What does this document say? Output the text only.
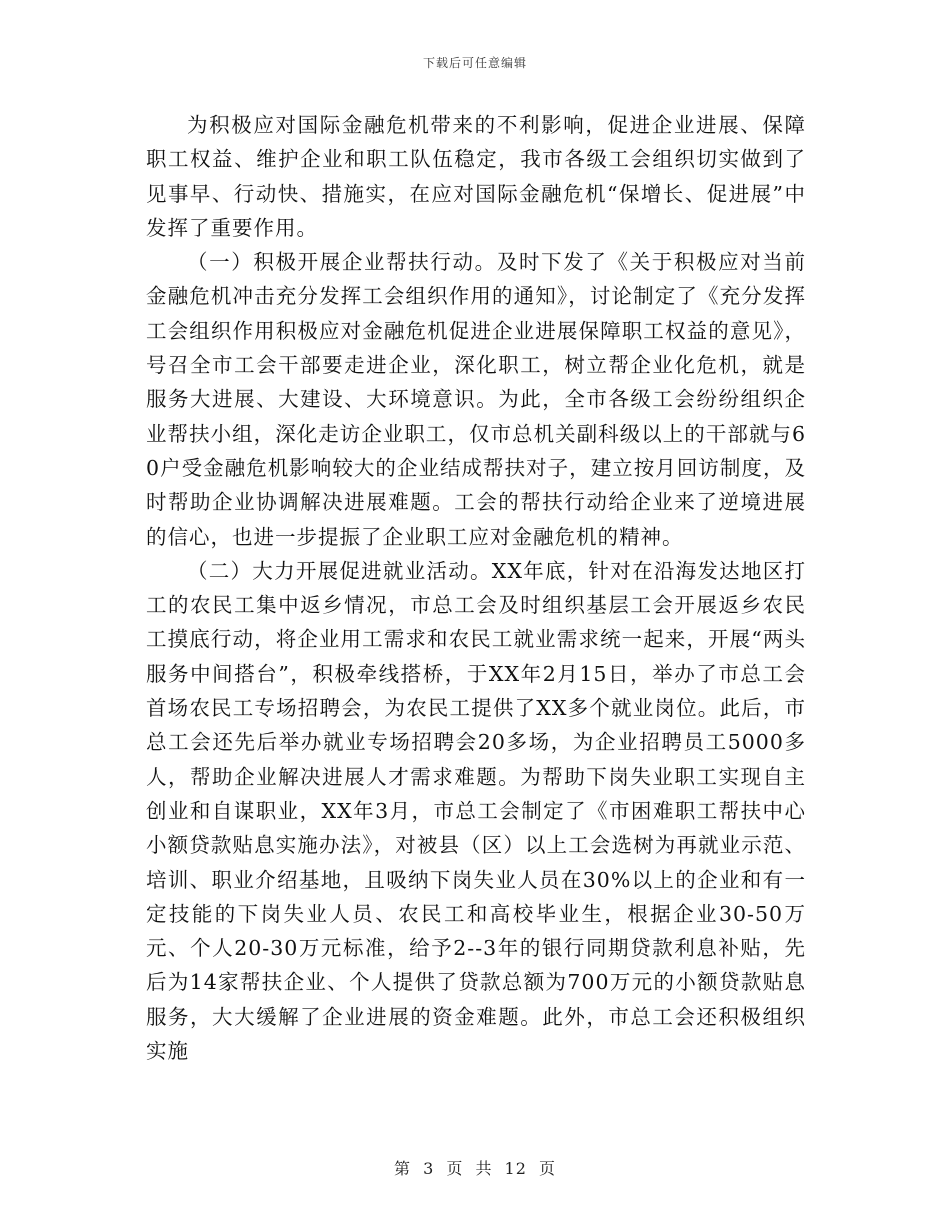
下载后可任意编辑

为积极应对国际金融危机带来的不利影响，促进企业进展、保障职工权益、维护企业和职工队伍稳定，我市各级工会组织切实做到了见事早、行动快、措施实，在应对国际金融危机“保增长、促进展”中发挥了重要作用。

（一）积极开展企业帮扶行动。及时下发了《关于积极应对当前金融危机冲击充分发挥工会组织作用的通知》，讨论制定了《充分发挥工会组织作用积极应对金融危机促进企业进展保障职工权益的意见》，号召全市工会干部要走进企业，深化职工，树立帮企业化危机，就是服务大进展、大建设、大环境意识。为此，全市各级工会纷纷组织企业帮扶小组，深化走访企业职工，仅市总机关副科级以上的干部就与60户受金融危机影响较大的企业结成帮扶对子，建立按月回访制度，及时帮助企业协调解决进展难题。工会的帮扶行动给企业来了逆境进展的信心，也进一步提振了企业职工应对金融危机的精神。

（二）大力开展促进就业活动。XX年底，针对在沿海发达地区打工的农民工集中返乡情况，市总工会及时组织基层工会开展返乡农民工摸底行动，将企业用工需求和农民工就业需求统一起来，开展“两头服务中间搭台”，积极牵线搭桥，于XX年2月15日，举办了市总工会首场农民工专场招聘会，为农民工提供了XX多个就业岗位。此后，市总工会还先后举办就业专场招聘会20多场，为企业招聘员工5000多人，帮助企业解决进展人才需求难题。为帮助下岗失业职工实现自主创业和自谋职业，XX年3月，市总工会制定了《市困难职工帮扶中心小额贷款贴息实施办法》，对被县（区）以上工会选树为再就业示范、培训、职业介绍基地，且吸纳下岗失业人员在30%以上的企业和有一定技能的下岗失业人员、农民工和高校毕业生，根据企业30-50万元、个人20-30万元标准，给予2--3年的银行同期贷款利息补贴，先后为14家帮扶企业、个人提供了贷款总额为700万元的小额贷款贴息服务，大大缓解了企业进展的资金难题。此外，市总工会还积极组织实施

第 3 页 共 12 页
